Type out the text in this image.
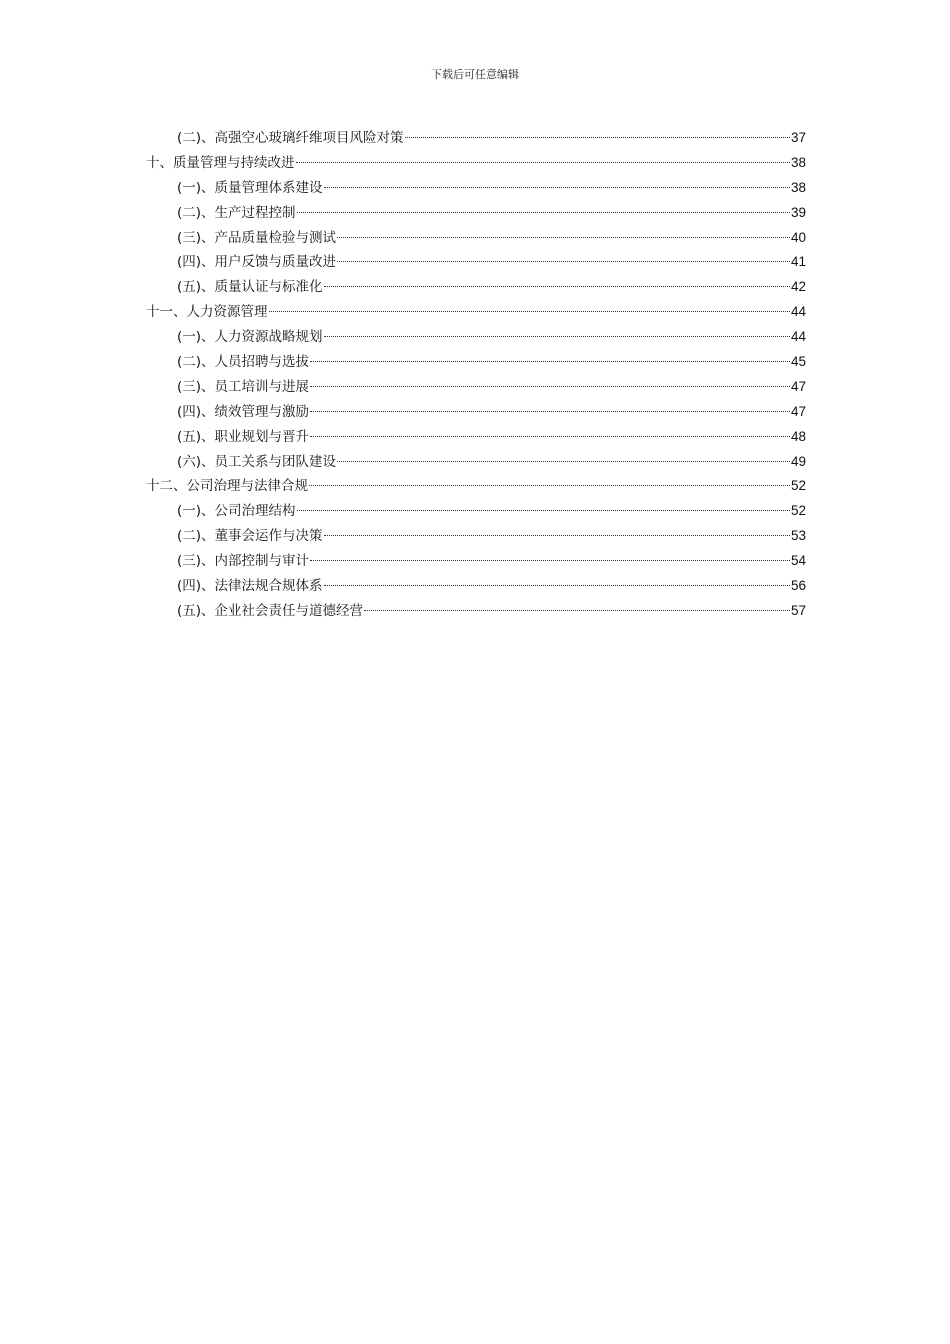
下载后可任意编辑
(二)、高强空心玻璃纤维项目风险对策	37
十、质量管理与持续改进	38
(一)、质量管理体系建设	38
(二)、生产过程控制	39
(三)、产品质量检验与测试	40
(四)、用户反馈与质量改进	41
(五)、质量认证与标准化	42
十一、人力资源管理	44
(一)、人力资源战略规划	44
(二)、人员招聘与选拔	45
(三)、员工培训与进展	47
(四)、绩效管理与激励	47
(五)、职业规划与晋升	48
(六)、员工关系与团队建设	49
十二、公司治理与法律合规	52
(一)、公司治理结构	52
(二)、董事会运作与决策	53
(三)、内部控制与审计	54
(四)、法律法规合规体系	56
(五)、企业社会责任与道德经营	57
